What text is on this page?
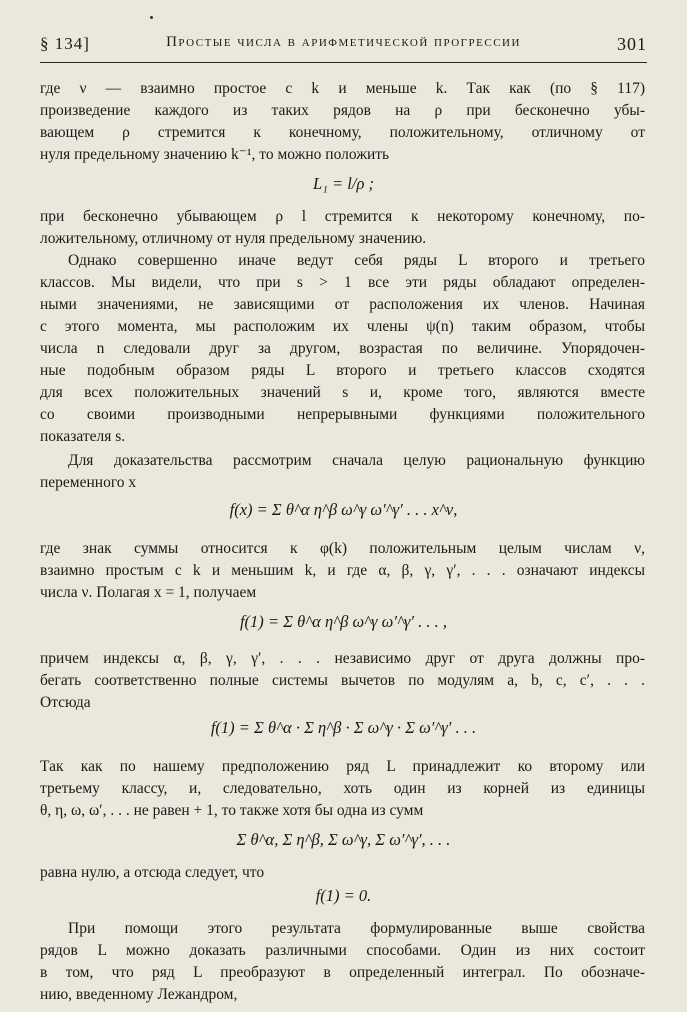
§ 134]	Простые числа в арифметической прогрессии	301
где ν — взаимно простое с k и меньше k. Так как (по § 117)
произведение каждого из таких рядов на ρ при бесконечно убы-
вающем ρ стремится к конечному, положительному, отличному от
нуля предельному значению k⁻¹, то можно положить
L₁ = l/ρ ;
при бесконечно убывающем ρ l стремится к некоторому конечному, по-
ложительному, отличному от нуля предельному значению.
Однако совершенно иначе ведут себя ряды L второго и третьего
классов. Мы видели, что при s > 1 все эти ряды обладают определен-
ными значениями, не зависящими от расположения их членов. Начиная
с этого момента, мы расположим их члены ψ(n) таким образом, чтобы
числа n следовали друг за другом, возрастая по величине. Упорядочен-
ные подобным образом ряды L второго и третьего классов сходятся
для всех положительных значений s и, кроме того, являются вместе
со своими производными непрерывными функциями положительного
показателя s.
Для доказательства рассмотрим сначала целую рациональную функцию
переменного x
f(x) = Σ θ^α η^β ω^γ ω′^γ′ . . . x^ν,
где знак суммы относится к φ(k) положительным целым числам ν,
взаимно простым с k и меньшим k, и где α, β, γ, γ′, . . . означают индексы
числа ν. Полагая x = 1, получаем
f(1) = Σ θ^α η^β ω^γ ω′^γ′ . . . ,
причем индексы α, β, γ, γ′, . . . независимо друг от друга должны про-
бегать соответственно полные системы вычетов по модулям a, b, c, c′, . . .
Отсюда
f(1) = Σ θ^α · Σ η^β · Σ ω^γ · Σ ω′^γ′ . . .
Так как по нашему предположению ряд L принадлежит ко второму или
третьему классу, и, следовательно, хоть один из корней из единицы
θ, η, ω, ω′, . . . не равен + 1, то также хотя бы одна из сумм
Σ θ^α, Σ η^β, Σ ω^γ, Σ ω′^γ′, . . .
равна нулю, а отсюда следует, что
f(1) = 0.
При помощи этого результата формулированные выше свойства
рядов L можно доказать различными способами. Один из них состоит
в том, что ряд L преобразуют в определенный интеграл. По обозначе-
нию, введенному Лежандром,
